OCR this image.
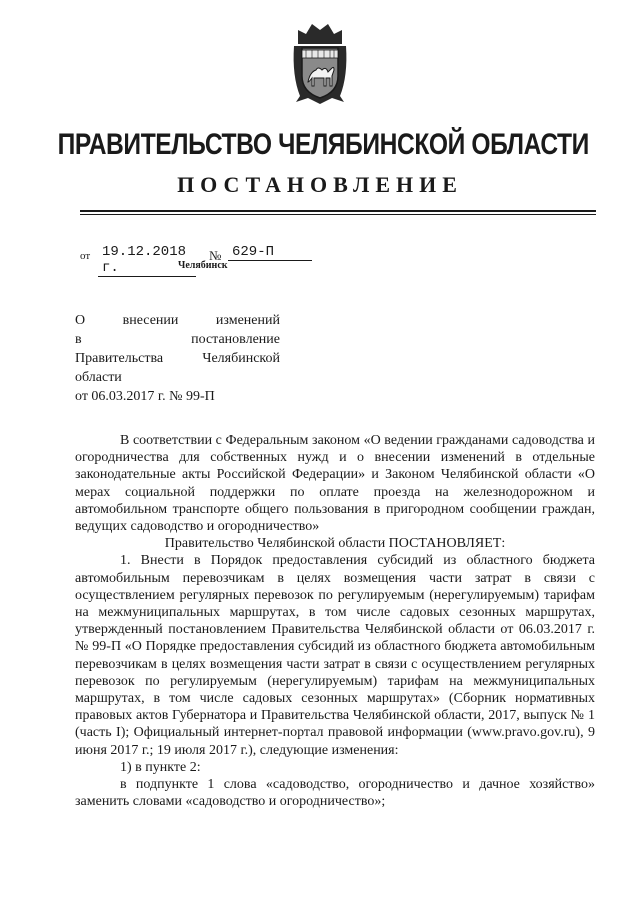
ПРАВИТЕЛЬСТВО ЧЕЛЯБИНСКОЙ ОБЛАСТИ
ПОСТАНОВЛЕНИЕ
от 19.12.2018 г.
№ 629-П
Челябинск
О	внесении	изменений
в	постановление
Правительства	Челябинской
области
от 06.03.2017 г. № 99-П

В соответствии с Федеральным законом «О ведении гражданами садоводства и огородничества для собственных нужд и о внесении изменений в отдельные законодательные акты Российской Федерации» и Законом Челябинской области «О мерах социальной поддержки по оплате проезда на железнодорожном и автомобильном транспорте общего пользования в пригородном сообщении граждан, ведущих садоводство и огородничество»

Правительство Челябинской области ПОСТАНОВЛЯЕТ:

1. Внести в Порядок предоставления субсидий из областного бюджета автомобильным перевозчикам в целях возмещения части затрат в связи с осуществлением регулярных перевозок по регулируемым (нерегулируемым) тарифам на межмуниципальных маршрутах, в том числе садовых сезонных маршрутах, утвержденный постановлением Правительства Челябинской области от 06.03.2017 г. № 99-П «О Порядке предоставления субсидий из областного бюджета автомобильным перевозчикам в целях возмещения части затрат в связи с осуществлением регулярных перевозок по регулируемым (нерегулируемым) тарифам на межмуниципальных маршрутах, в том числе садовых сезонных маршрутах» (Сборник нормативных правовых актов Губернатора и Правительства Челябинской области, 2017, выпуск № 1 (часть I); Официальный интернет-портал правовой информации (www.pravo.gov.ru), 9 июня 2017 г.; 19 июля 2017 г.), следующие изменения:

1) в пункте 2:

в подпункте 1 слова «садоводство, огородничество и дачное хозяйство» заменить словами «садоводство и огородничество»;
